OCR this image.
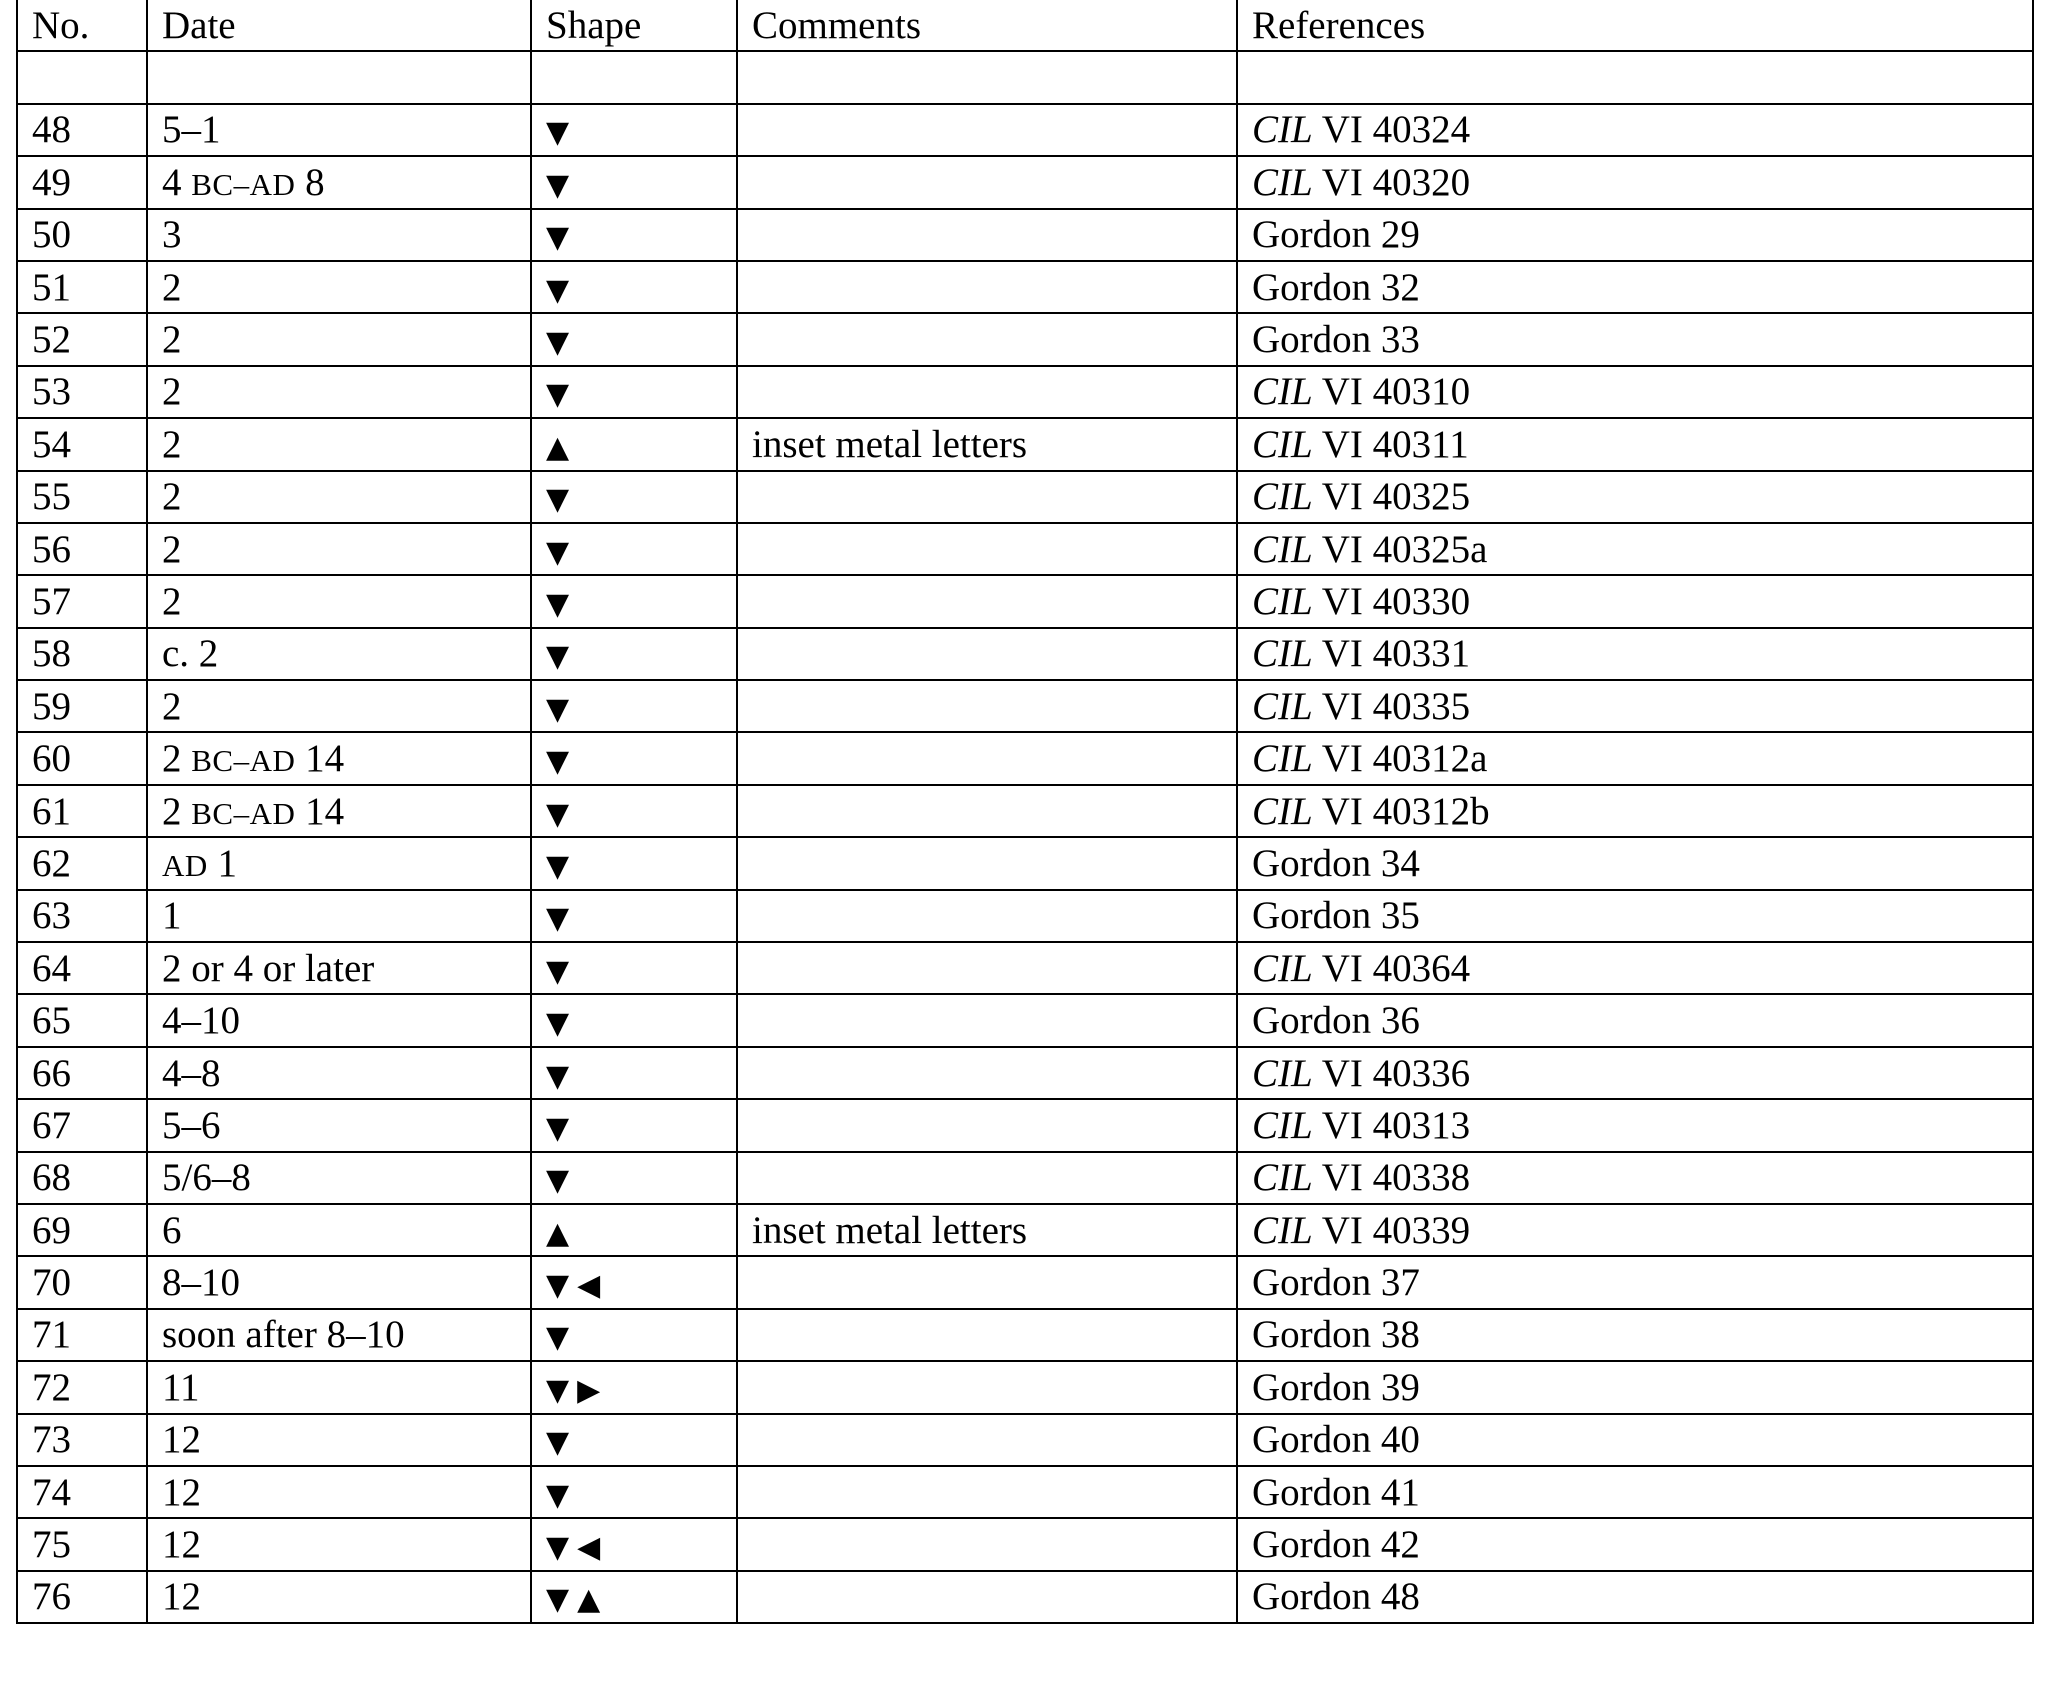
No.	Date	Shape	Comments	References

48	5–1	▼		CIL VI 40324
49	4 BC–AD 8	▼		CIL VI 40320
50	3	▼		Gordon 29
51	2	▼		Gordon 32
52	2	▼		Gordon 33
53	2	▼		CIL VI 40310
54	2	▲	inset metal letters	CIL VI 40311
55	2	▼		CIL VI 40325
56	2	▼		CIL VI 40325a
57	2	▼		CIL VI 40330
58	c. 2	▼		CIL VI 40331
59	2	▼		CIL VI 40335
60	2 BC–AD 14	▼		CIL VI 40312a
61	2 BC–AD 14	▼		CIL VI 40312b
62	AD 1	▼		Gordon 34
63	1	▼		Gordon 35
64	2 or 4 or later	▼		CIL VI 40364
65	4–10	▼		Gordon 36
66	4–8	▼		CIL VI 40336
67	5–6	▼		CIL VI 40313
68	5/6–8	▼		CIL VI 40338
69	6	▲	inset metal letters	CIL VI 40339
70	8–10	▼ ◀		Gordon 37
71	soon after 8–10	▼		Gordon 38
72	11	▼ ▶		Gordon 39
73	12	▼		Gordon 40
74	12	▼		Gordon 41
75	12	▼ ◀		Gordon 42
76	12	▼ ▲		Gordon 48
